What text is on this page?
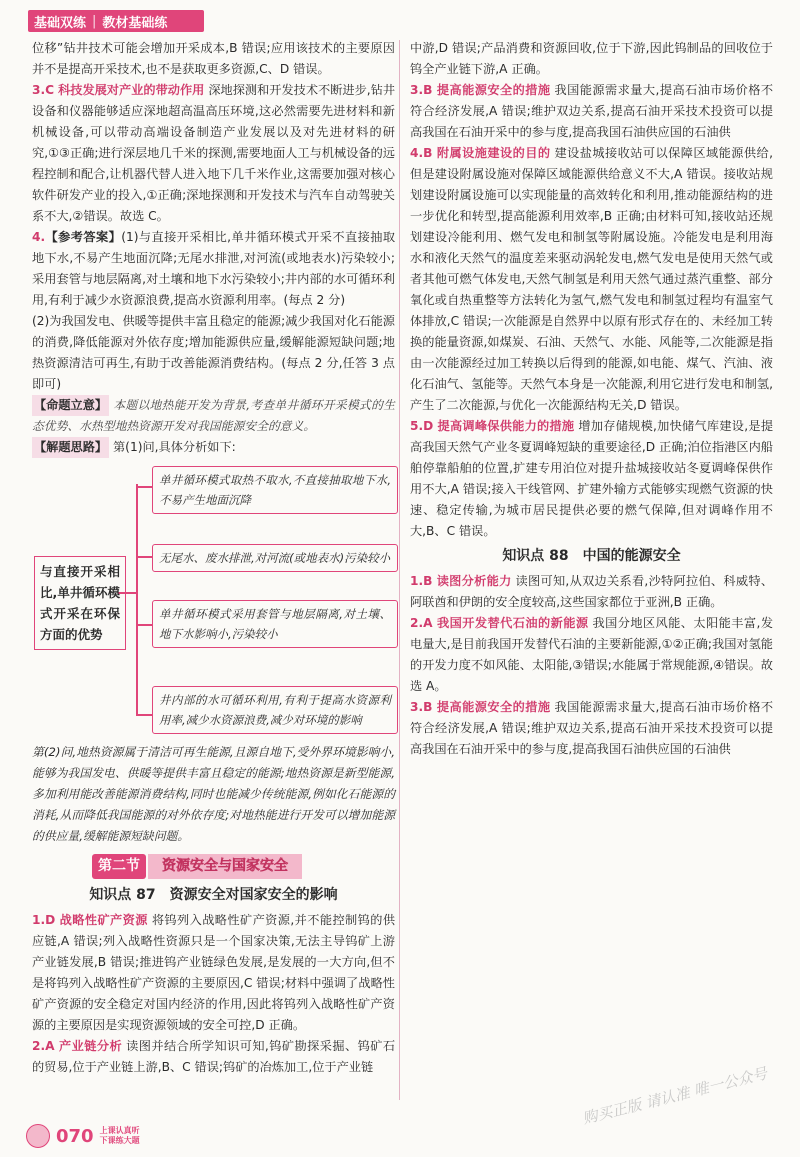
基础双练 | 教材基础练

位移”钻井技术可能会增加开采成本,B 错误;应用该技术的主要原因并不是提高开采技术,也不是获取更多资源,C、D 错误。

3.C 科技发展对产业的带动作用 深地探测和开发技术不断进步,钻井设备和仪器能够适应深地超高温高压环境,这必然需要先进材料和新机械设备,可以带动高端设备制造产业发展以及对先进材料的研究,①③正确;进行深层地几千米的探测,需要地面人工与机械设备的远程控制和配合,让机器代替人进入地下几千米作业,这需要加强对核心软件研发产业的投入,①正确;深地探测和开发技术与汽车自动驾驶关系不大,②错误。故选 C。

4.【参考答案】(1)与直接开采相比,单井循环模式开采不直接抽取地下水,不易产生地面沉降;无尾水排泄,对河流(或地表水)污染较小;采用套管与地层隔离,对土壤和地下水污染较小;井内部的水可循环利用,有利于减少水资源浪费,提高水资源利用率。(每点 2 分)

(2)为我国发电、供暖等提供丰富且稳定的能源;减少我国对化石能源的消费,降低能源对外依存度;增加能源供应量,缓解能源短缺问题;地热资源清洁可再生,有助于改善能源消费结构。(每点 2 分,任答 3 点即可)

【命题立意】 本题以地热能开发为背景,考查单井循环开采模式的生态优势、水热型地热资源开发对我国能源安全的意义。

【解题思路】 第(1)问,具体分析如下:

与直接开采相比,单井循环模式开采在环保方面的优势
单井循环模式取热不取水,不直接抽取地下水,不易产生地面沉降
无尾水、废水排泄,对河流(或地表水)污染较小
单井循环模式采用套管与地层隔离,对土壤、地下水影响小,污染较小
井内部的水可循环利用,有利于提高水资源利用率,减少水资源浪费,减少对环境的影响

第(2)问,地热资源属于清洁可再生能源,且源自地下,受外界环境影响小,能够为我国发电、供暖等提供丰富且稳定的能源;地热资源是新型能源,多加利用能改善能源消费结构,同时也能减少传统能源,例如化石能源的消耗,从而降低我国能源的对外依存度;对地热能进行开发可以增加能源的供应量,缓解能源短缺问题。

第二节	资源安全与国家安全
知识点 87　资源安全对国家安全的影响

1.D 战略性矿产资源 将钨列入战略性矿产资源,并不能控制钨的供应链,A 错误;列入战略性资源只是一个国家决策,无法主导钨矿上游产业链发展,B 错误;推进钨产业链绿色发展,是发展的一大方向,但不是将钨列入战略性矿产资源的主要原因,C 错误;材料中强调了战略性矿产资源的安全稳定对国内经济的作用,因此将钨列入战略性矿产资源的主要原因是实现资源领域的安全可控,D 正确。

2.A 产业链分析 读图并结合所学知识可知,钨矿勘探采掘、钨矿石的贸易,位于产业链上游,B、C 错误;钨矿的冶炼加工,位于产业链

中游,D 错误;产品消费和资源回收,位于下游,因此钨制品的回收位于钨全产业链下游,A 正确。

3.B 提高能源安全的措施 我国能源需求量大,提高石油市场价格不符合经济发展,A 错误;维护双边关系,提高石油开采技术投资可以提高我国在石油开采中的参与度,提高我国石油供应国的石油供

4.B 附属设施建设的目的 建设盐城接收站可以保障区域能源供给,但是建设附属设施对保障区域能源供给意义不大,A 错误。接收站规划建设附属设施可以实现能量的高效转化和利用,推动能源结构的进一步优化和转型,提高能源利用效率,B 正确;由材料可知,接收站还规划建设冷能利用、燃气发电和制氢等附属设施。冷能发电是利用海水和液化天然气的温度差来驱动涡轮发电,燃气发电是使用天然气或者其他可燃气体发电,天然气制氢是利用天然气通过蒸汽重整、部分氧化或自热重整等方法转化为氢气,燃气发电和制氢过程均有温室气体排放,C 错误;一次能源是自然界中以原有形式存在的、未经加工转换的能量资源,如煤炭、石油、天然气、水能、风能等,二次能源是指由一次能源经过加工转换以后得到的能源,如电能、煤气、汽油、液化石油气、氢能等。天然气本身是一次能源,利用它进行发电和制氢,产生了二次能源,与优化一次能源结构无关,D 错误。

5.D 提高调峰保供能力的措施 增加存储规模,加快储气库建设,是提高我国天然气产业冬夏调峰短缺的重要途径,D 正确;泊位指港区内船舶停靠船舶的位置,扩建专用泊位对提升盐城接收站冬夏调峰保供作用不大,A 错误;接入干线管网、扩建外输方式能够实现燃气资源的快速、稳定传输,为城市居民提供必要的燃气保障,但对调峰作用不大,B、C 错误。

知识点 88　中国的能源安全

1.B 读图分析能力 读图可知,从双边关系看,沙特阿拉伯、科威特、阿联酋和伊朗的安全度较高,这些国家都位于亚洲,B 正确。

2.A 我国开发替代石油的新能源 我国分地区风能、太阳能丰富,发电量大,是目前我国开发替代石油的主要新能源,①②正确;我国对氢能的开发力度不如风能、太阳能,③错误;水能属于常规能源,④错误。故选 A。

3.B 提高能源安全的措施 我国能源需求量大,提高石油市场价格不符合经济发展,A 错误;维护双边关系,提高石油开采技术投资可以提高我国在石油开采中的参与度,提高我国石油供应国的石油供

070 上课认真听
下课练大题
购买正版 请认准 唯一公众号
